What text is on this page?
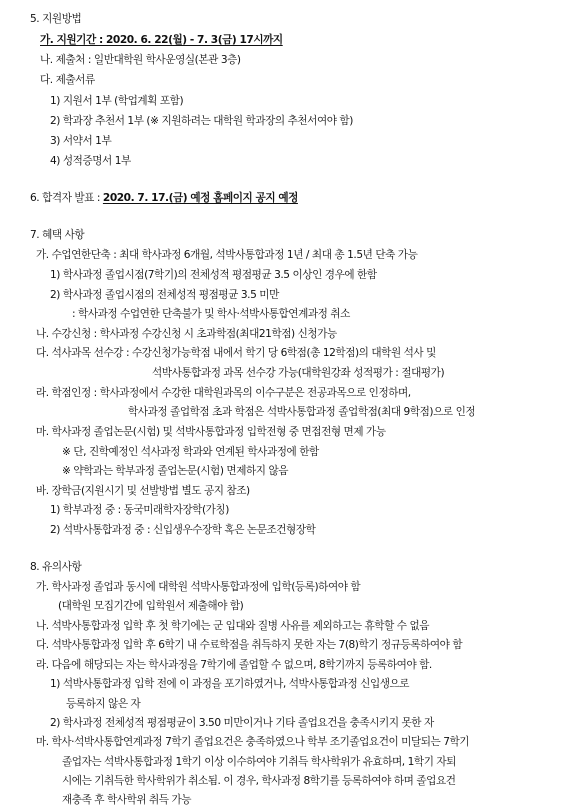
5. 지원방법
가. 지원기간 : 2020. 6. 22(월) - 7. 3(금) 17시까지
나. 제출처 : 일반대학원 학사운영실(본관 3층)
다. 제출서류
1) 지원서 1부 (학업계획 포함)
2) 학과장 추천서 1부 (※ 지원하려는 대학원 학과장의 추천서여야 함)
3) 서약서 1부
4) 성적증명서 1부
6. 합격자 발표 : 2020. 7. 17.(금) 예정 홈페이지 공지 예정
7. 혜택 사항
가. 수업연한단축 : 최대 학사과정 6개월, 석박사통합과정 1년 / 최대 총 1.5년 단축 가능
1) 학사과정 졸업시점(7학기)의 전체성적 평점평균 3.5 이상인 경우에 한함
2) 학사과정 졸업시점의 전체성적 평점평균 3.5 미만
: 학사과정 수업연한 단축불가 및 학사·석박사통합연계과정 취소
나. 수강신청 : 학사과정 수강신청 시 초과학점(최대21학점) 신청가능
다. 석사과목 선수강 : 수강신청가능학점 내에서 학기 당 6학점(총 12학점)의 대학원 석사 및
석박사통합과정 과목 선수강 가능(대학원강좌 성적평가 : 절대평가)
라. 학점인정 : 학사과정에서 수강한 대학원과목의 이수구분은 전공과목으로 인정하며,
학사과정 졸업학점 초과 학점은 석박사통합과정 졸업학점(최대 9학점)으로 인정
마. 학사과정 졸업논문(시험) 및 석박사통합과정 입학전형 중 면접전형 면제 가능
※ 단, 진학예정인 석사과정 학과와 연계된 학사과정에 한함
※ 약학과는 학부과정 졸업논문(시험) 면제하지 않음
바. 장학금(지원시기 및 선발방법 별도 공지 참조)
1) 학부과정 중 : 동국미래학자장학(가칭)
2) 석박사통합과정 중 : 신입생우수장학 혹은 논문조건형장학
8. 유의사항
가. 학사과정 졸업과 동시에 대학원 석박사통합과정에 입학(등록)하여야 함
(대학원 모집기간에 입학원서 제출해야 함)
나. 석박사통합과정 입학 후 첫 학기에는 군 입대와 질병 사유를 제외하고는 휴학할 수 없음
다. 석박사통합과정 입학 후 6학기 내 수료학점을 취득하지 못한 자는 7(8)학기 정규등록하여야 함
라. 다음에 해당되는 자는 학사과정을 7학기에 졸업할 수 없으며, 8학기까지 등록하여야 함.
1) 석박사통합과정 입학 전에 이 과정을 포기하였거나, 석박사통합과정 신입생으로
등록하지 않은 자
2) 학사과정 전체성적 평점평균이 3.50 미만이거나 기타 졸업요건을 충족시키지 못한 자
마. 학사·석박사통합연계과정 7학기 졸업요건은 충족하였으나 학부 조기졸업요건이 미달되는 7학기
졸업자는 석박사통합과정 1학기 이상 이수하여야 기취득 학사학위가 유효하며, 1학기 자퇴
시에는 기취득한 학사학위가 취소됨. 이 경우, 학사과정 8학기를 등록하여야 하며 졸업요건
재충족 후 학사학위 취득 가능
